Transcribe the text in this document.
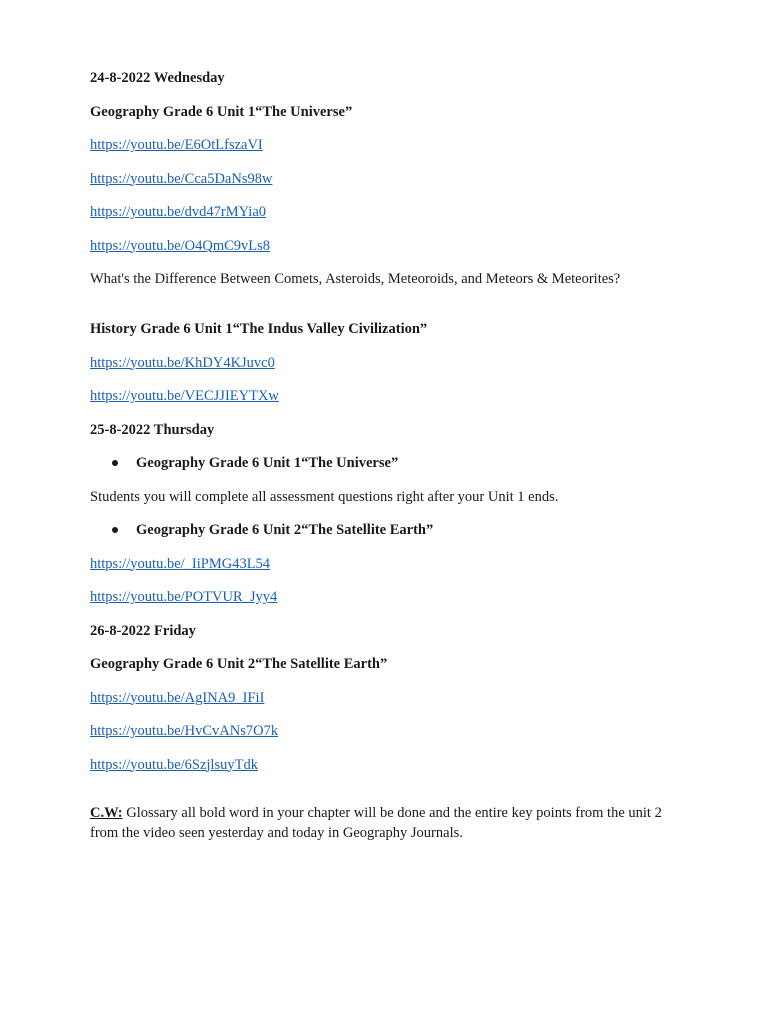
24-8-2022 Wednesday

Geography Grade 6 Unit 1“The Universe”

https://youtu.be/E6OtLfszaVI

https://youtu.be/Cca5DaNs98w

https://youtu.be/dvd47rMYia0

https://youtu.be/O4QmC9vLs8

What's the Difference Between Comets, Asteroids, Meteoroids, and Meteors & Meteorites?

History Grade 6 Unit 1“The Indus Valley Civilization”

https://youtu.be/KhDY4KJuvc0

https://youtu.be/VECJJIEYTXw

25-8-2022 Thursday

Geography Grade 6 Unit 1“The Universe”

Students you will complete all assessment questions right after your Unit 1 ends.

Geography Grade 6 Unit 2“The Satellite Earth”

https://youtu.be/_IiPMG43L54

https://youtu.be/POTVUR_Jyy4

26-8-2022 Friday

Geography Grade 6 Unit 2“The Satellite Earth”

https://youtu.be/AgINA9_IFiI

https://youtu.be/HvCvANs7O7k

https://youtu.be/6SzjlsuyTdk

C.W: Glossary all bold word in your chapter will be done and the entire key points from the unit 2 from the video seen yesterday and today in Geography Journals.
